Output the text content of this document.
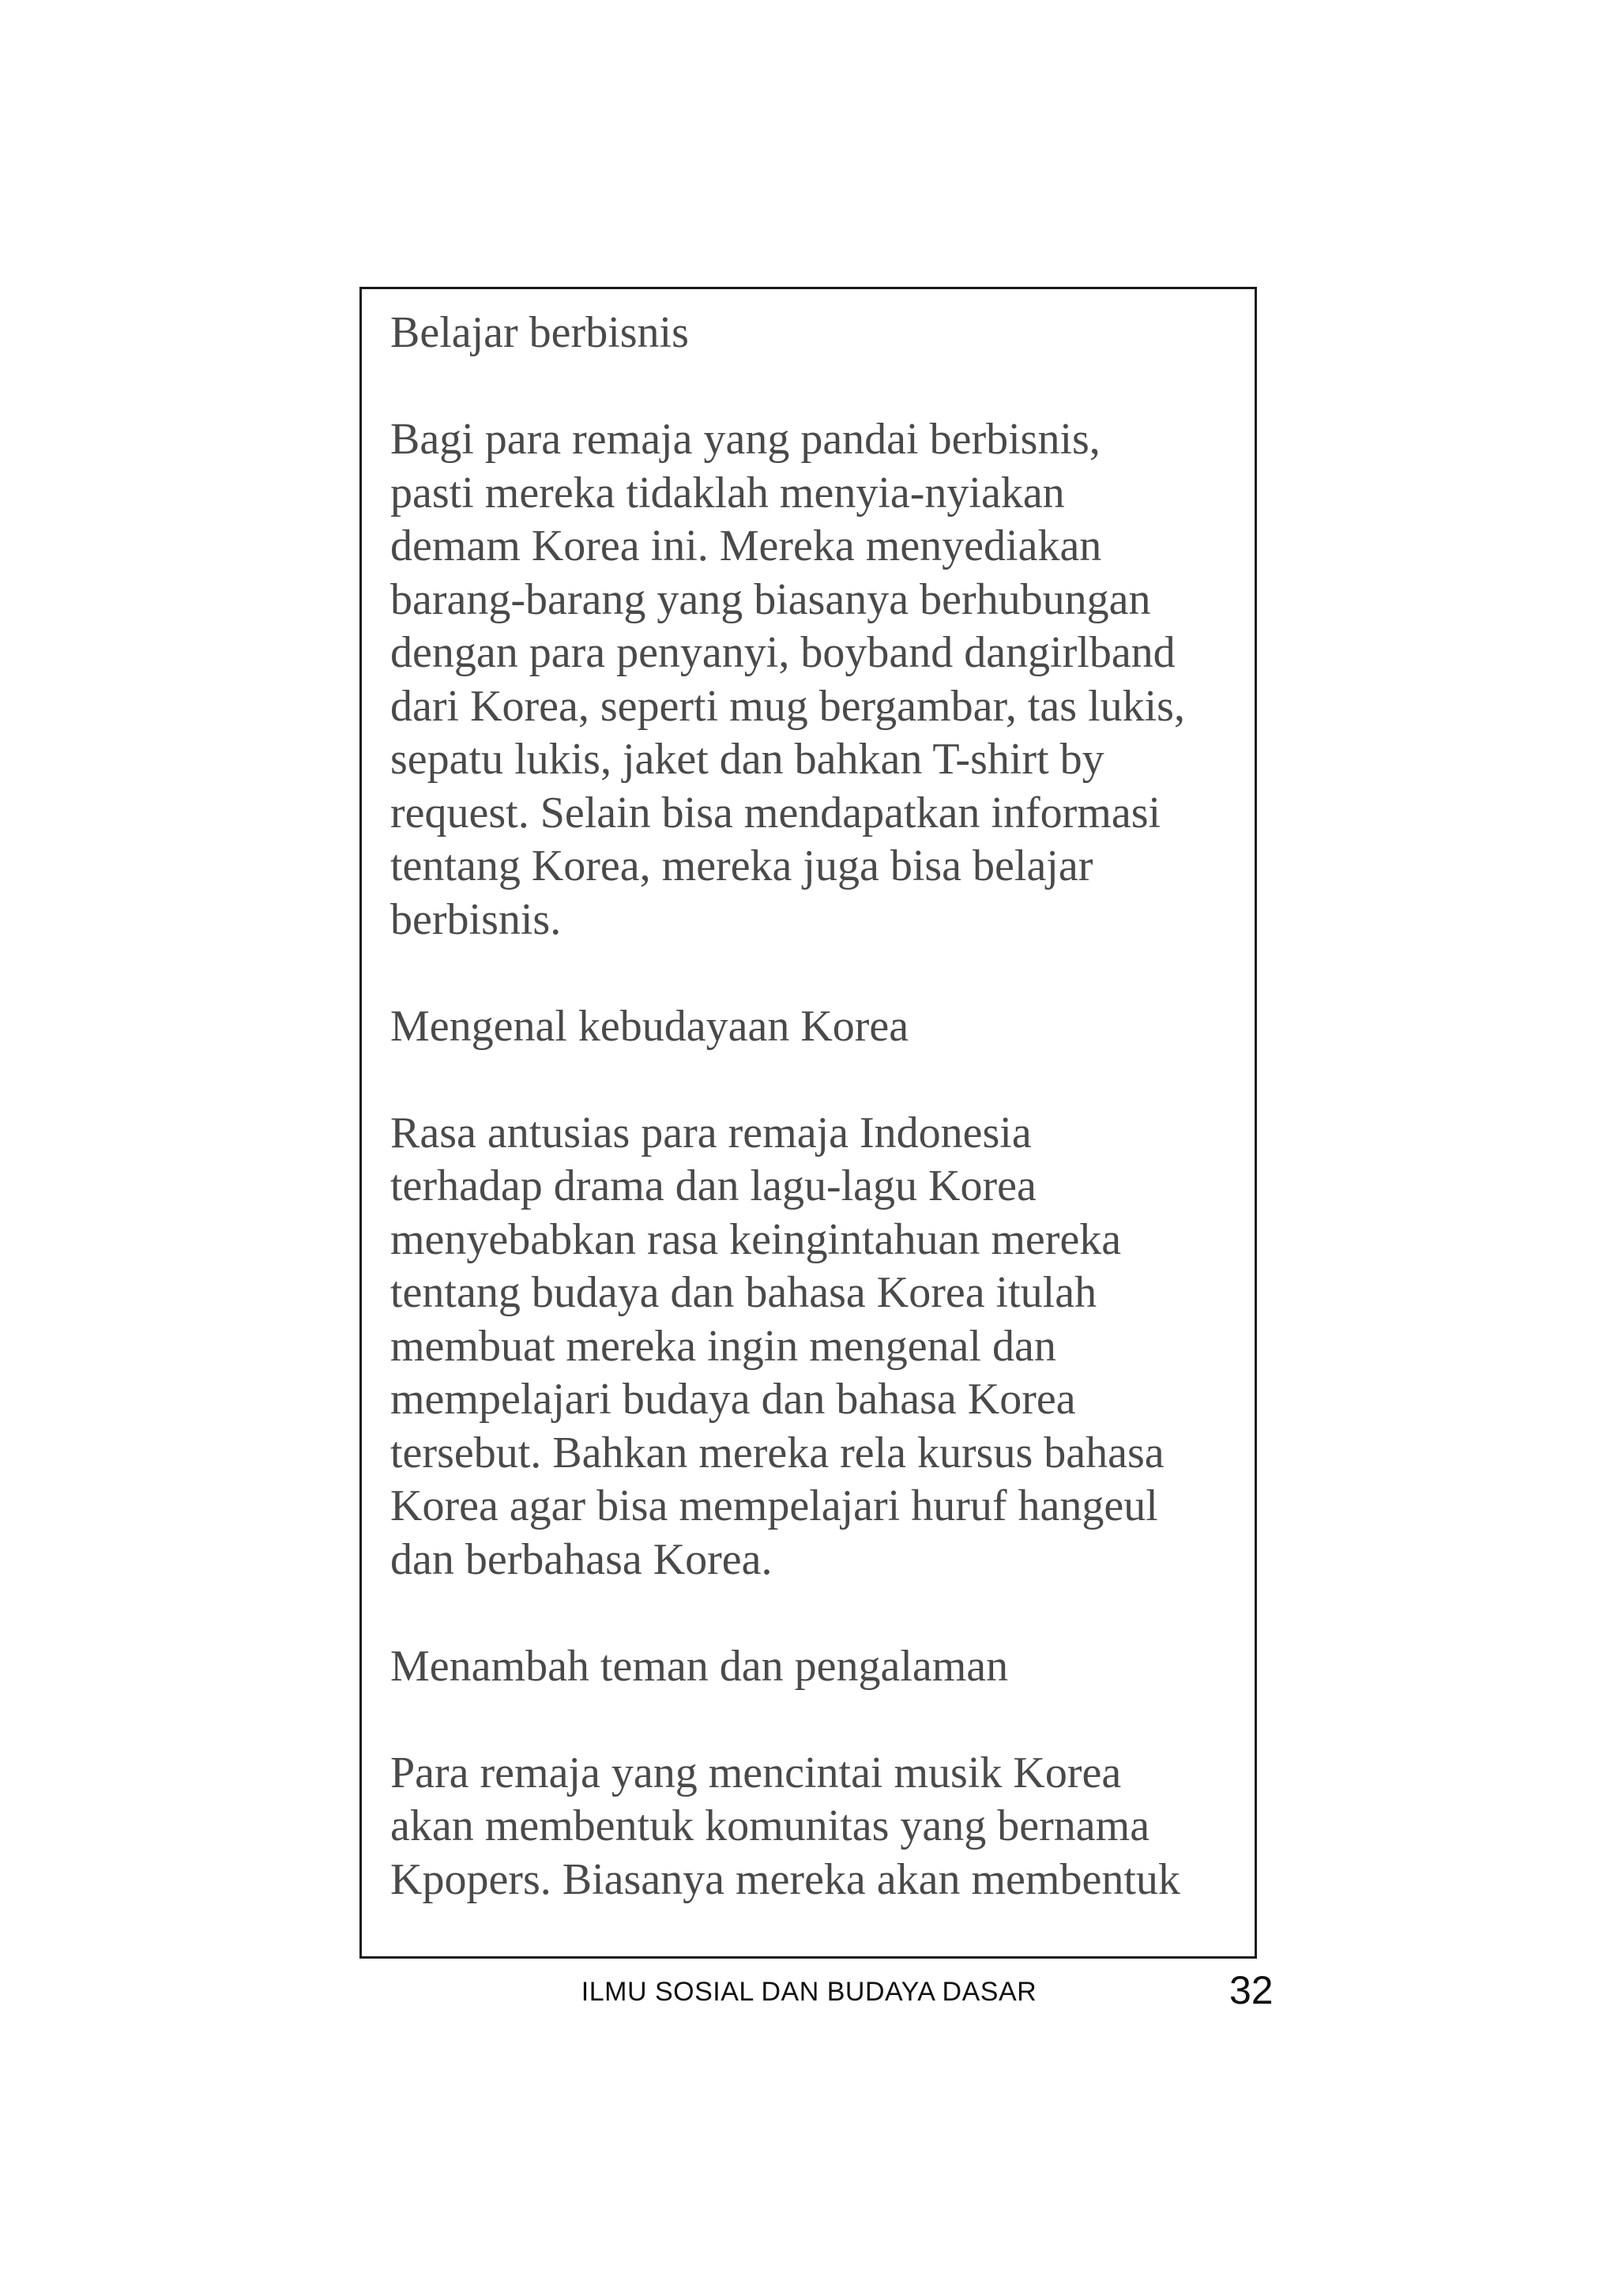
Belajar berbisnis
Bagi para remaja yang pandai berbisnis,
pasti mereka tidaklah menyia-nyiakan
demam Korea ini. Mereka menyediakan
barang-barang yang biasanya berhubungan
dengan para penyanyi, boyband dangirlband
dari Korea, seperti mug bergambar, tas lukis,
sepatu lukis, jaket dan bahkan T-shirt by
request. Selain bisa mendapatkan informasi
tentang Korea, mereka juga bisa belajar
berbisnis.
Mengenal kebudayaan Korea
Rasa antusias para remaja Indonesia
terhadap drama dan lagu-lagu Korea
menyebabkan rasa keingintahuan mereka
tentang budaya dan bahasa Korea itulah
membuat mereka ingin mengenal dan
mempelajari budaya dan bahasa Korea
tersebut. Bahkan mereka rela kursus bahasa
Korea agar bisa mempelajari huruf hangeul
dan berbahasa Korea.
Menambah teman dan pengalaman
Para remaja yang mencintai musik Korea
akan membentuk komunitas yang bernama
Kpopers. Biasanya mereka akan membentuk
ILMU SOSIAL DAN BUDAYA DASAR	32
